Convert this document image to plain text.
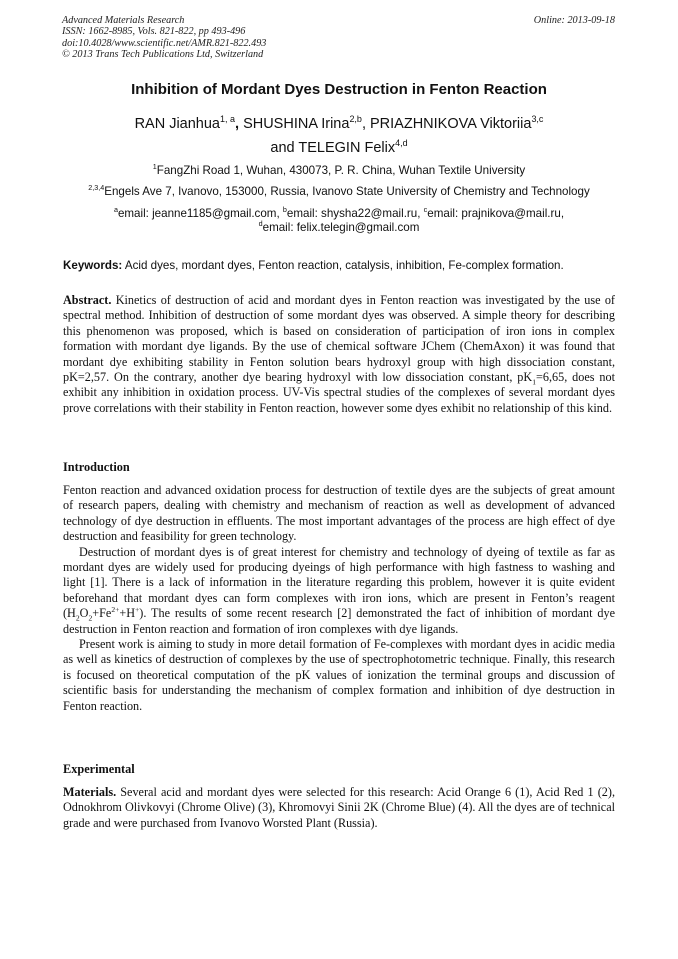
Advanced Materials Research
ISSN: 1662-8985, Vols. 821-822, pp 493-496
doi:10.4028/www.scientific.net/AMR.821-822.493
© 2013 Trans Tech Publications Ltd, Switzerland
Online: 2013-09-18
Inhibition of Mordant Dyes Destruction in Fenton Reaction
RAN Jianhua$^{1, a}$, SHUSHINA Irina$^{2,b}$, PRIAZHNIKOVA Viktoriia$^{3,c}$
and TELEGIN Felix$^{4,d}$
$^1$FangZhi Road 1, Wuhan, 430073, P. R. China, Wuhan Textile University
$^{2,3,4}$Engels Ave 7, Ivanovo, 153000, Russia, Ivanovo State University of Chemistry and Technology
$^a$email: jeanne1185@gmail.com, $^b$email: shysha22@mail.ru, $^c$email: prajnikova@mail.ru,
$^d$email: felix.telegin@gmail.com
Keywords: Acid dyes, mordant dyes, Fenton reaction, catalysis, inhibition, Fe-complex formation.

Abstract. Kinetics of destruction of acid and mordant dyes in Fenton reaction was investigated by the use of spectral method. Inhibition of destruction of some mordant dyes was observed. A simple theory for describing this phenomenon was proposed, which is based on consideration of participation of iron ions in complex formation with mordant dye ligands. By the use of chemical software JChem (ChemAxon) it was found that mordant dye exhibiting stability in Fenton solution bears hydroxyl group with high dissociation constant, pK=2,57. On the contrary, another dye bearing hydroxyl with low dissociation constant, $pK_1=6,65$, does not exhibit any inhibition in oxidation process. UV-Vis spectral studies of the complexes of several mordant dyes prove correlations with their stability in Fenton reaction, however some dyes exhibit no relationship of this kind.

Introduction

Fenton reaction and advanced oxidation process for destruction of textile dyes are the subjects of great amount of research papers, dealing with chemistry and mechanism of reaction as well as development of advanced technology of dye destruction in effluents. The most important advantages of the process are high effect of dye destruction and feasibility for green technology.

Destruction of mordant dyes is of great interest for chemistry and technology of dyeing of textile as far as mordant dyes are widely used for producing dyeings of high performance with high fastness to washing and light [1]. There is a lack of information in the literature regarding this problem, however it is quite evident beforehand that mordant dyes can form complexes with iron ions, which are present in Fenton’s reagent $(H_2O_2+Fe^{2+}+H^+)$. The results of some recent research [2] demonstrated the fact of inhibition of mordant dye destruction in Fenton reaction and formation of iron complexes with dye ligands.

Present work is aiming to study in more detail formation of Fe-complexes with mordant dyes in acidic media as well as kinetics of destruction of complexes by the use of spectrophotometric technique. Finally, this research is focused on theoretical computation of the pK values of ionization the terminal groups and discussion of scientific basis for understanding the mechanism of complex formation and inhibition of dye destruction in Fenton reaction.

Experimental

Materials. Several acid and mordant dyes were selected for this research: Acid Orange 6 (1), Acid Red 1 (2), Odnokhrom Olivkovyi (Chrome Olive) (3), Khromovyi Sinii 2K (Chrome Blue) (4). All the dyes are of technical grade and were purchased from Ivanovo Worsted Plant (Russia).
